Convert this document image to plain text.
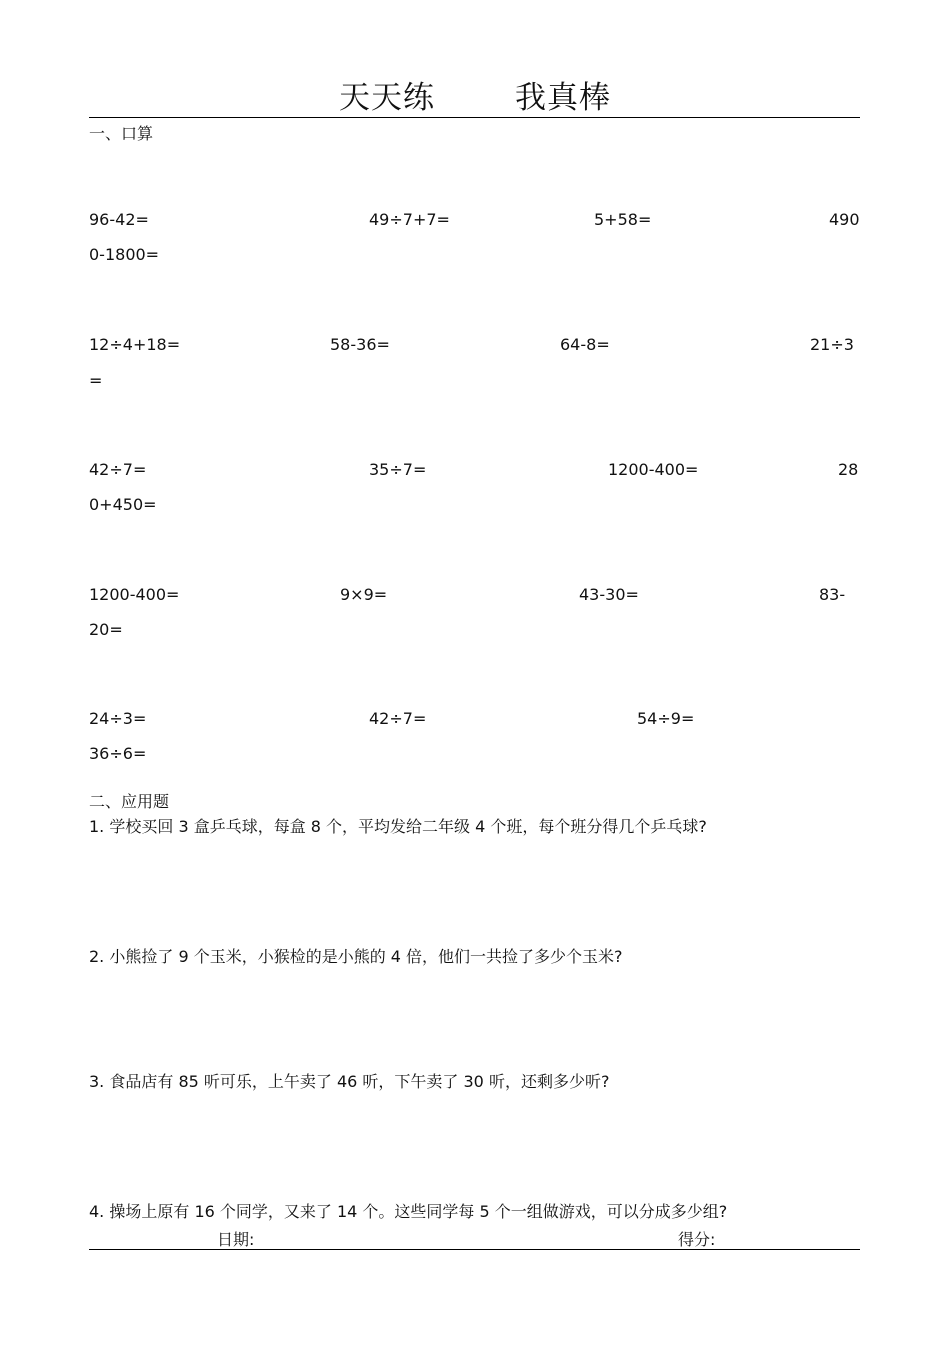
天天练	我真棒
一、口算
96-42=	49÷7+7=	5+58=	490
0-1800=
12÷4+18=	58-36=	64-8=	21÷3
=
42÷7=	35÷7=	1200-400=	28
0+450=
1200-400=	9×9=	43-30=	83-
20=
24÷3=	42÷7=	54÷9=
36÷6=
二、应用题
1. 学校买回 3 盒乒乓球，每盒 8 个，平均发给二年级 4 个班，每个班分得几个乒乓球?
2. 小熊捡了 9 个玉米，小猴检的是小熊的 4 倍，他们一共捡了多少个玉米?
3. 食品店有 85 听可乐，上午卖了 46 听，下午卖了 30 听，还剩多少听?
4. 操场上原有 16 个同学，又来了 14 个。这些同学每 5 个一组做游戏，可以分成多少组?
日期:	得分:
